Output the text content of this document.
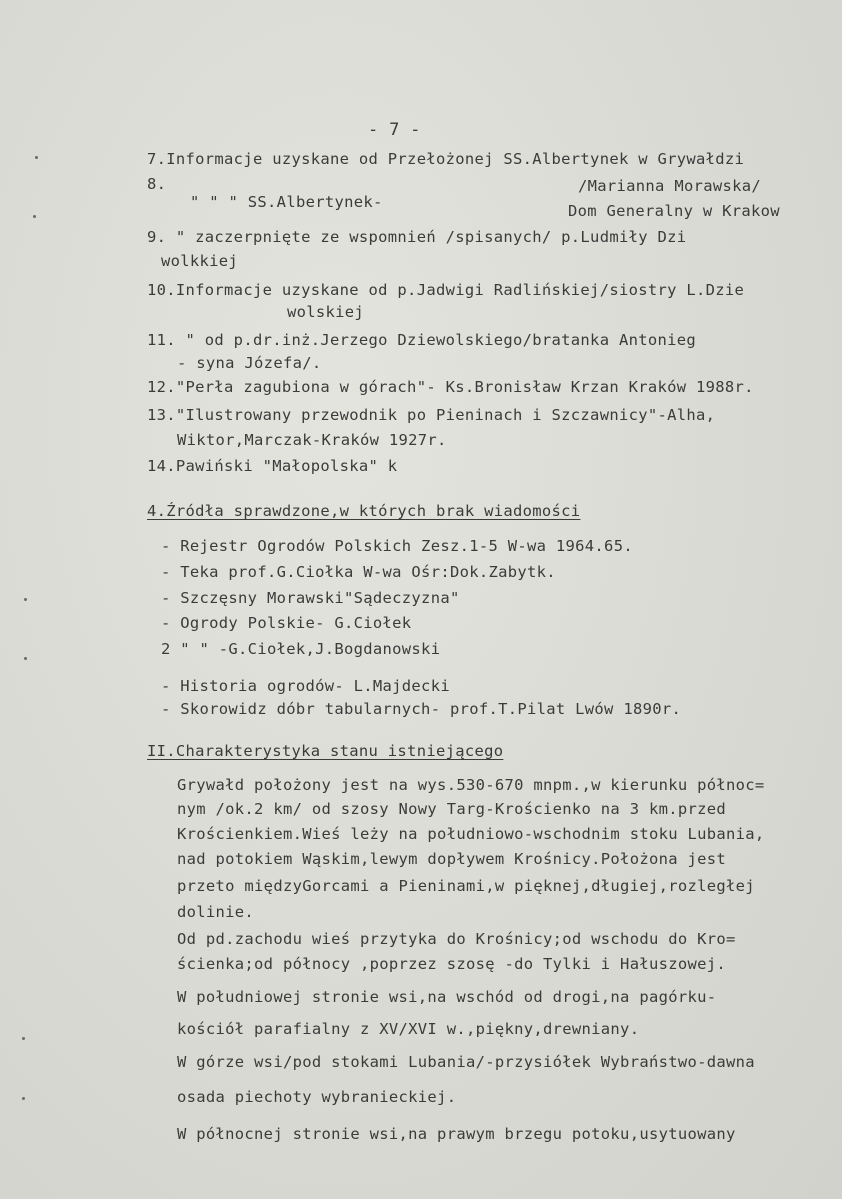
- 7 -
7.Informacje uzyskane od Przełożonej SS.Albertynek w Grywałdzi
8.
" " " SS.Albertynek-
/Marianna Morawska/
Dom Generalny w Krakow
9. " zaczerpnięte ze wspomnień /spisanych/ p.Ludmiły Dzi
wolkkiej
10.Informacje uzyskane od p.Jadwigi Radlińskiej/siostry L.Dzie
wolskiej
11. " od p.dr.inż.Jerzego Dziewolskiego/bratanka Antonieg
- syna Józefa/.
12."Perła zagubiona w górach"- Ks.Bronisław Krzan Kraków 1988r.
13."Ilustrowany przewodnik po Pieninach i Szczawnicy"-Alha,
Wiktor,Marczak-Kraków 1927r.
14.Pawiński "Małopolska" k
4.Źródła sprawdzone,w których brak wiadomości
- Rejestr Ogrodów Polskich Zesz.1-5 W-wa 1964.65.
- Teka prof.G.Ciołka W-wa Ośr:Dok.Zabytk.
- Szczęsny Morawski"Sądeczyzna"
- Ogrody Polskie- G.Ciołek
2 " " -G.Ciołek,J.Bogdanowski
- Historia ogrodów- L.Majdecki
- Skorowidz dóbr tabularnych- prof.T.Pilat Lwów 1890r.
II.Charakterystyka stanu istniejącego
Grywałd położony jest na wys.530-670 mnpm.,w kierunku północ=
nym /ok.2 km/ od szosy Nowy Targ-Krościenko na 3 km.przed
Krościenkiem.Wieś leży na południowo-wschodnim stoku Lubania,
nad potokiem Wąskim,lewym dopływem Krośnicy.Położona jest
przeto międzyGorcami a Pieninami,w pięknej,długiej,rozległej
dolinie.
Od pd.zachodu wieś przytyka do Krośnicy;od wschodu do Kro=
ścienka;od północy ,poprzez szosę -do Tylki i Hałuszowej.
W południowej stronie wsi,na wschód od drogi,na pagórku-
kościół parafialny z XV/XVI w.,piękny,drewniany.
W górze wsi/pod stokami Lubania/-przysiółek Wybraństwo-dawna
osada piechoty wybranieckiej.
W północnej stronie wsi,na prawym brzegu potoku,usytuowany
